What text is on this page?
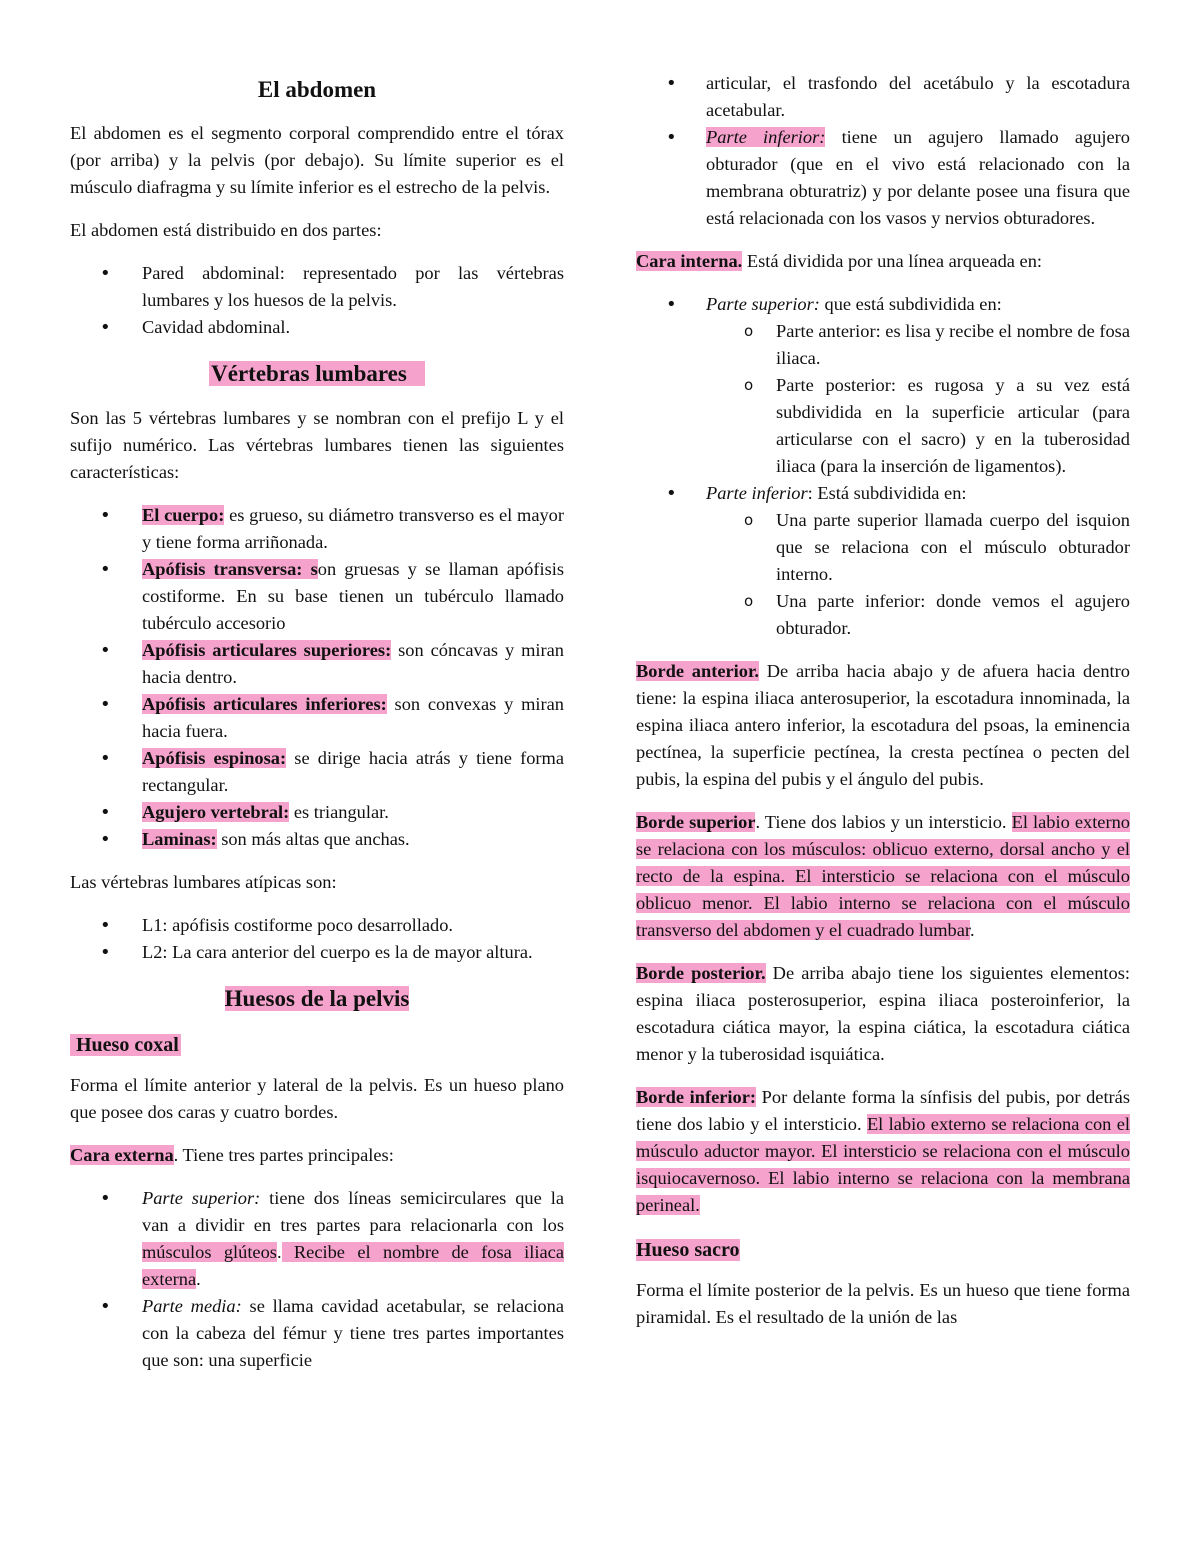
El abdomen

El abdomen es el segmento corporal comprendido entre el tórax (por arriba) y la pelvis (por debajo). Su límite superior es el músculo diafragma y su límite inferior es el estrecho de la pelvis.

El abdomen está distribuido en dos partes:

• Pared abdominal: representado por las vértebras lumbares y los huesos de la pelvis.
• Cavidad abdominal.
Vértebras lumbares

Son las 5 vértebras lumbares y se nombran con el prefijo L y el sufijo numérico. Las vértebras lumbares tienen las siguientes características:

• El cuerpo: es grueso, su diámetro transverso es el mayor y tiene forma arriñonada.
• Apófisis transversa: son gruesas y se llaman apófisis costiforme. En su base tienen un tubérculo llamado tubérculo accesorio
• Apófisis articulares superiores: son cóncavas y miran hacia dentro.
• Apófisis articulares inferiores: son convexas y miran hacia fuera.
• Apófisis espinosa: se dirige hacia atrás y tiene forma rectangular.
• Agujero vertebral: es triangular.
• Laminas: son más altas que anchas.

Las vértebras lumbares atípicas son:

• L1: apófisis costiforme poco desarrollado.
• L2: La cara anterior del cuerpo es la de mayor altura.
Huesos de la pelvis
Hueso coxal

Forma el límite anterior y lateral de la pelvis. Es un hueso plano que posee dos caras y cuatro bordes.

Cara externa. Tiene tres partes principales:

• Parte superior: tiene dos líneas semicirculares que la van a dividir en tres partes para relacionarla con los músculos glúteos. Recibe el nombre de fosa iliaca externa.
• Parte media: se llama cavidad acetabular, se relaciona con la cabeza del fémur y tiene tres partes importantes que son: una superficie
• articular, el trasfondo del acetábulo y la escotadura acetabular.
• Parte inferior: tiene un agujero llamado agujero obturador (que en el vivo está relacionado con la membrana obturatriz) y por delante posee una fisura que está relacionada con los vasos y nervios obturadores.

Cara interna. Está dividida por una línea arqueada en:

• Parte superior: que está subdividida en:
o Parte anterior: es lisa y recibe el nombre de fosa iliaca.
o Parte posterior: es rugosa y a su vez está subdividida en la superficie articular (para articularse con el sacro) y en la tuberosidad iliaca (para la inserción de ligamentos).
• Parte inferior: Está subdividida en:
o Una parte superior llamada cuerpo del isquion que se relaciona con el músculo obturador interno.
o Una parte inferior: donde vemos el agujero obturador.

Borde anterior. De arriba hacia abajo y de afuera hacia dentro tiene: la espina iliaca anterosuperior, la escotadura innominada, la espina iliaca antero inferior, la escotadura del psoas, la eminencia pectínea, la superficie pectínea, la cresta pectínea o pecten del pubis, la espina del pubis y el ángulo del pubis.

Borde superior. Tiene dos labios y un intersticio. El labio externo se relaciona con los músculos: oblicuo externo, dorsal ancho y el recto de la espina. El intersticio se relaciona con el músculo oblicuo menor. El labio interno se relaciona con el músculo transverso del abdomen y el cuadrado lumbar.

Borde posterior. De arriba abajo tiene los siguientes elementos: espina iliaca posterosuperior, espina iliaca posteroinferior, la escotadura ciática mayor, la espina ciática, la escotadura ciática menor y la tuberosidad isquiática.

Borde inferior: Por delante forma la sínfisis del pubis, por detrás tiene dos labio y el intersticio. El labio externo se relaciona con el músculo aductor mayor. El intersticio se relaciona con el músculo isquiocavernoso. El labio interno se relaciona con la membrana perineal.

Hueso sacro

Forma el límite posterior de la pelvis. Es un hueso que tiene forma piramidal. Es el resultado de la unión de las
